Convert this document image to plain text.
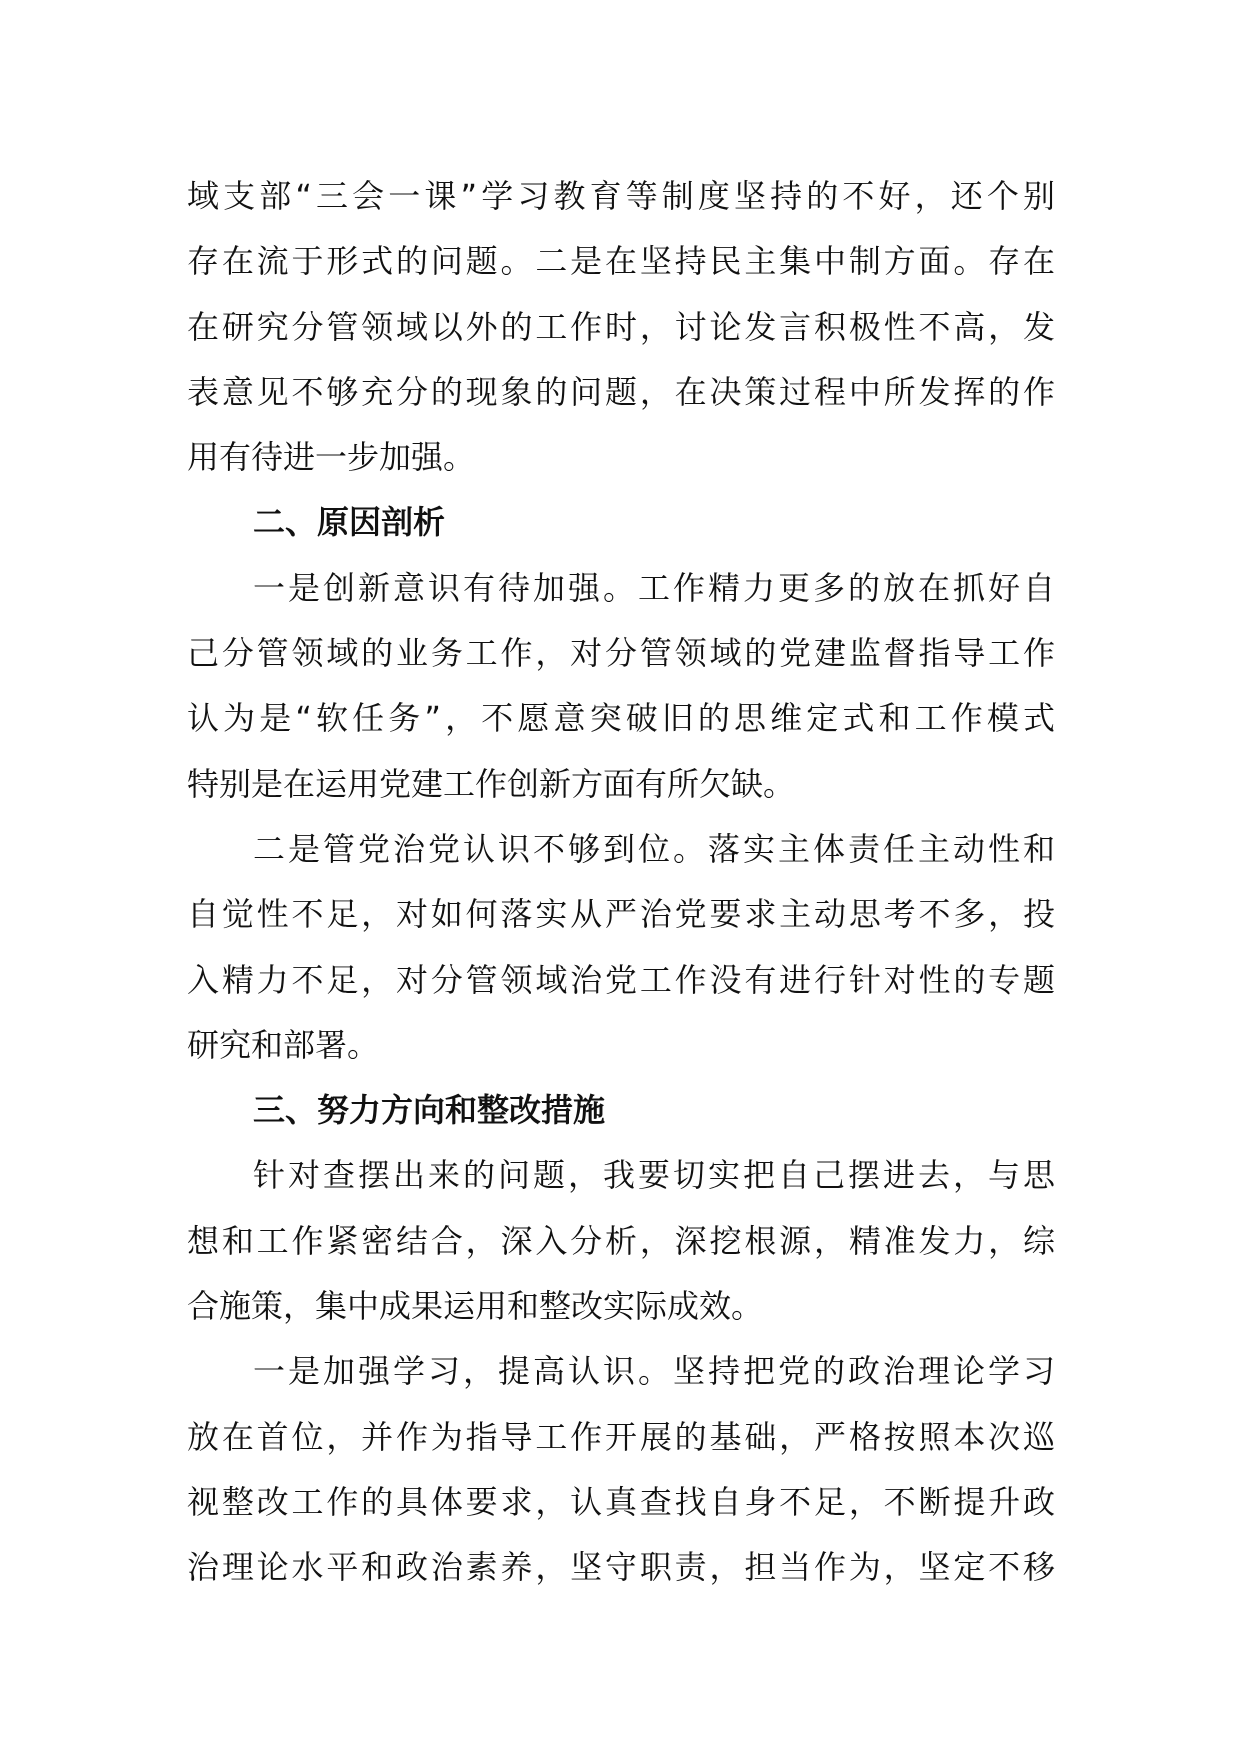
域支部“三会一课”学习教育等制度坚持的不好，还个别
存在流于形式的问题。二是在坚持民主集中制方面。存在
在研究分管领域以外的工作时，讨论发言积极性不高，发
表意见不够充分的现象的问题，在决策过程中所发挥的作
用有待进一步加强。
二、原因剖析
一是创新意识有待加强。工作精力更多的放在抓好自
己分管领域的业务工作，对分管领域的党建监督指导工作
认为是“软任务”，不愿意突破旧的思维定式和工作模式
特别是在运用党建工作创新方面有所欠缺。
二是管党治党认识不够到位。落实主体责任主动性和
自觉性不足，对如何落实从严治党要求主动思考不多，投
入精力不足，对分管领域治党工作没有进行针对性的专题
研究和部署。
三、努力方向和整改措施
针对查摆出来的问题，我要切实把自己摆进去，与思
想和工作紧密结合，深入分析，深挖根源，精准发力，综
合施策，集中成果运用和整改实际成效。
一是加强学习，提高认识。坚持把党的政治理论学习
放在首位，并作为指导工作开展的基础，严格按照本次巡
视整改工作的具体要求，认真查找自身不足，不断提升政
治理论水平和政治素养，坚守职责，担当作为，坚定不移
